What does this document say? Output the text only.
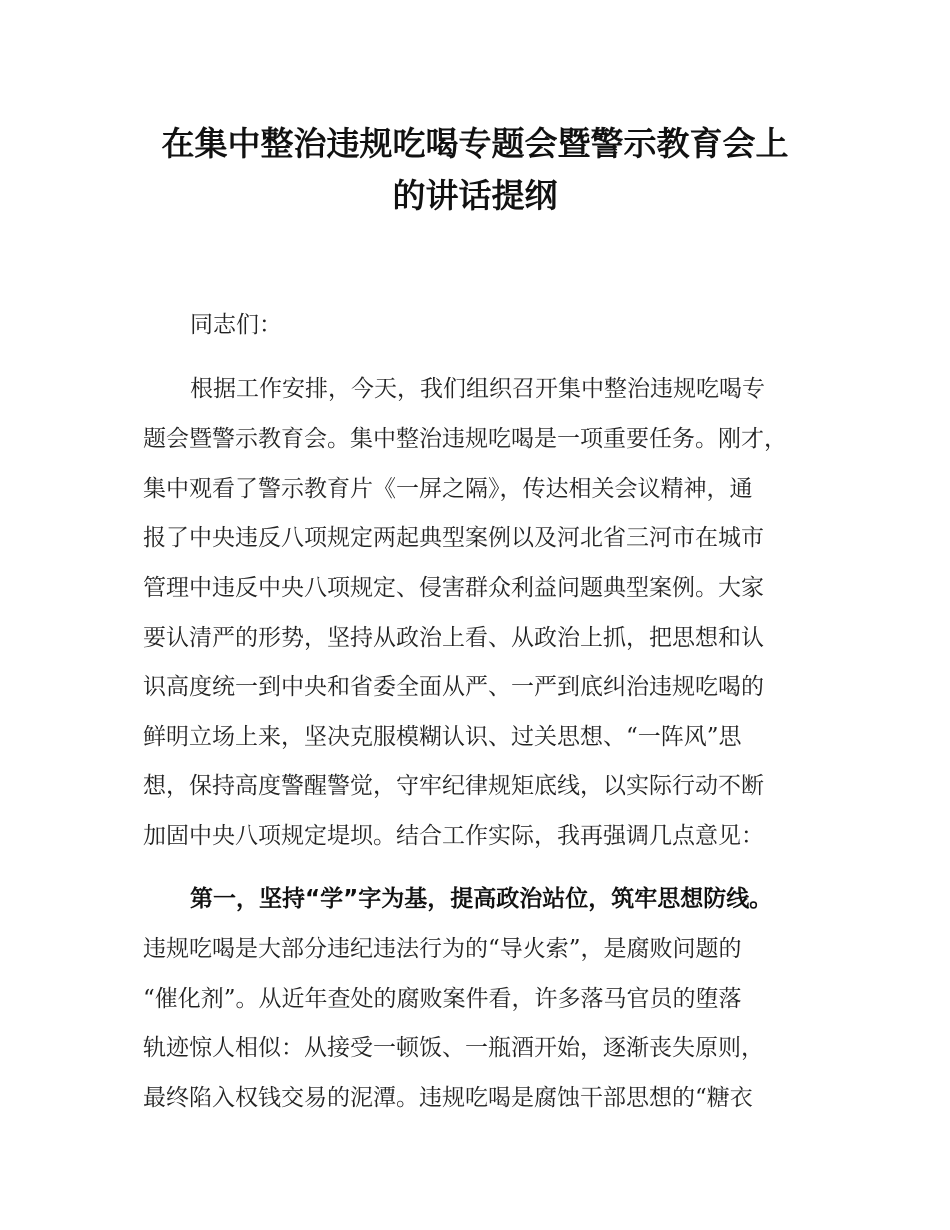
在集中整治违规吃喝专题会暨警示教育会上
的讲话提纲

同志们：

根据工作安排，今天，我们组织召开集中整治违规吃喝专

题会暨警示教育会。集中整治违规吃喝是一项重要任务。刚才，

集中观看了警示教育片《一屏之隔》，传达相关会议精神，通

报了中央违反八项规定两起典型案例以及河北省三河市在城市

管理中违反中央八项规定、侵害群众利益问题典型案例。大家

要认清严的形势，坚持从政治上看、从政治上抓，把思想和认

识高度统一到中央和省委全面从严、一严到底纠治违规吃喝的

鲜明立场上来，坚决克服模糊认识、过关思想、“一阵风”思

想，保持高度警醒警觉，守牢纪律规矩底线，以实际行动不断

加固中央八项规定堤坝。结合工作实际，我再强调几点意见：

第一，坚持“学”字为基，提高政治站位，筑牢思想防线。

违规吃喝是大部分违纪违法行为的“导火索”，是腐败问题的

“催化剂”。从近年查处的腐败案件看，许多落马官员的堕落

轨迹惊人相似：从接受一顿饭、一瓶酒开始，逐渐丧失原则，

最终陷入权钱交易的泥潭。违规吃喝是腐蚀干部思想的“糖衣
